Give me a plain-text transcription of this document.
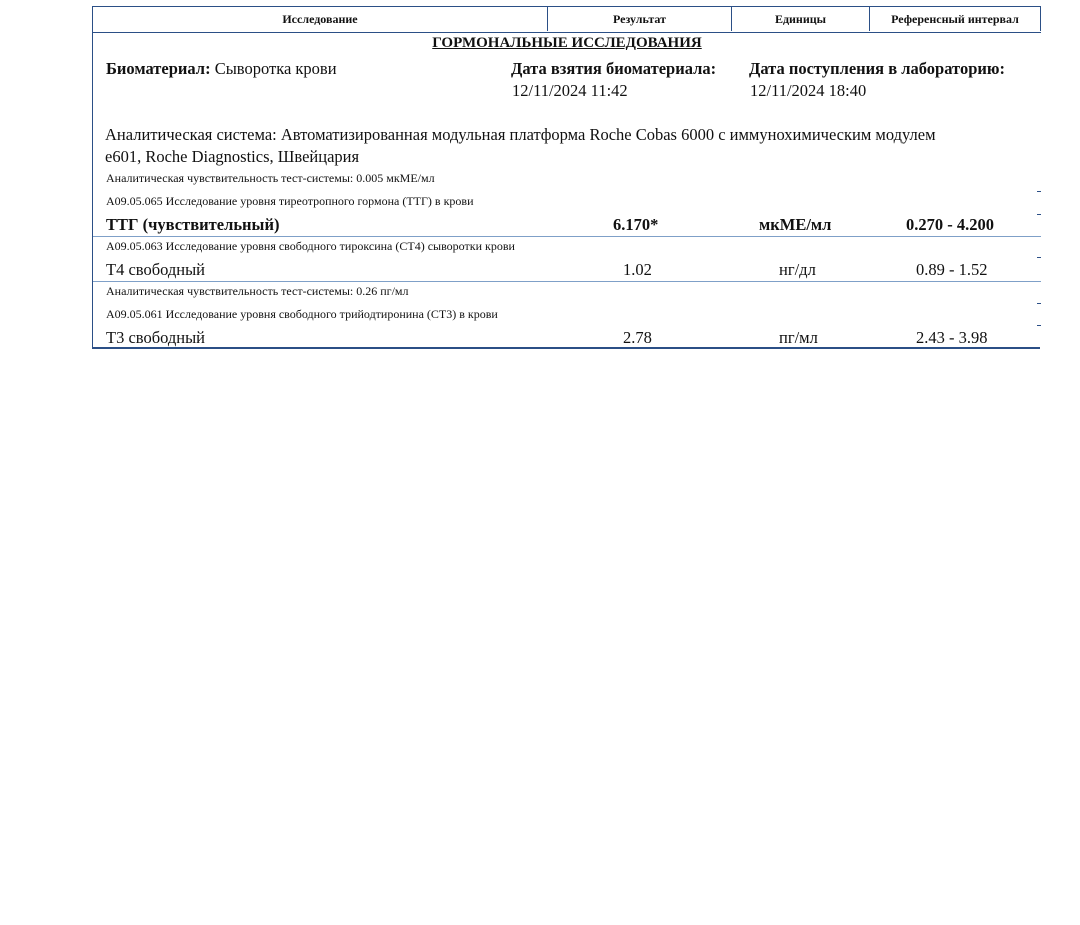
Исследование	Результат	Единицы	Референсный интервал
ГОРМОНАЛЬНЫЕ ИССЛЕДОВАНИЯ
Биоматериал: Сыворотка крови	Дата взятия биоматериала:
12/11/2024 11:42
Дата поступления в лабораторию:
12/11/2024 18:40
Аналитическая система: Автоматизированная модульная платформа Roche Cobas 6000 с иммунохимическим модулем
e601, Roche Diagnostics, Швейцария
Аналитическая чувствительность тест-системы: 0.005 мкМЕ/мл
A09.05.065 Исследование уровня тиреотропного гормона (ТТГ) в крови
ТТГ (чувствительный)	6.170*	мкМЕ/мл	0.270 - 4.200
A09.05.063 Исследование уровня свободного тироксина (СТ4) сыворотки крови
Т4 свободный	1.02	нг/дл	0.89 - 1.52
Аналитическая чувствительность тест-системы: 0.26 пг/мл
A09.05.061 Исследование уровня свободного трийодтиронина (СТ3) в крови
Т3 свободный	2.78	пг/мл	2.43 - 3.98
